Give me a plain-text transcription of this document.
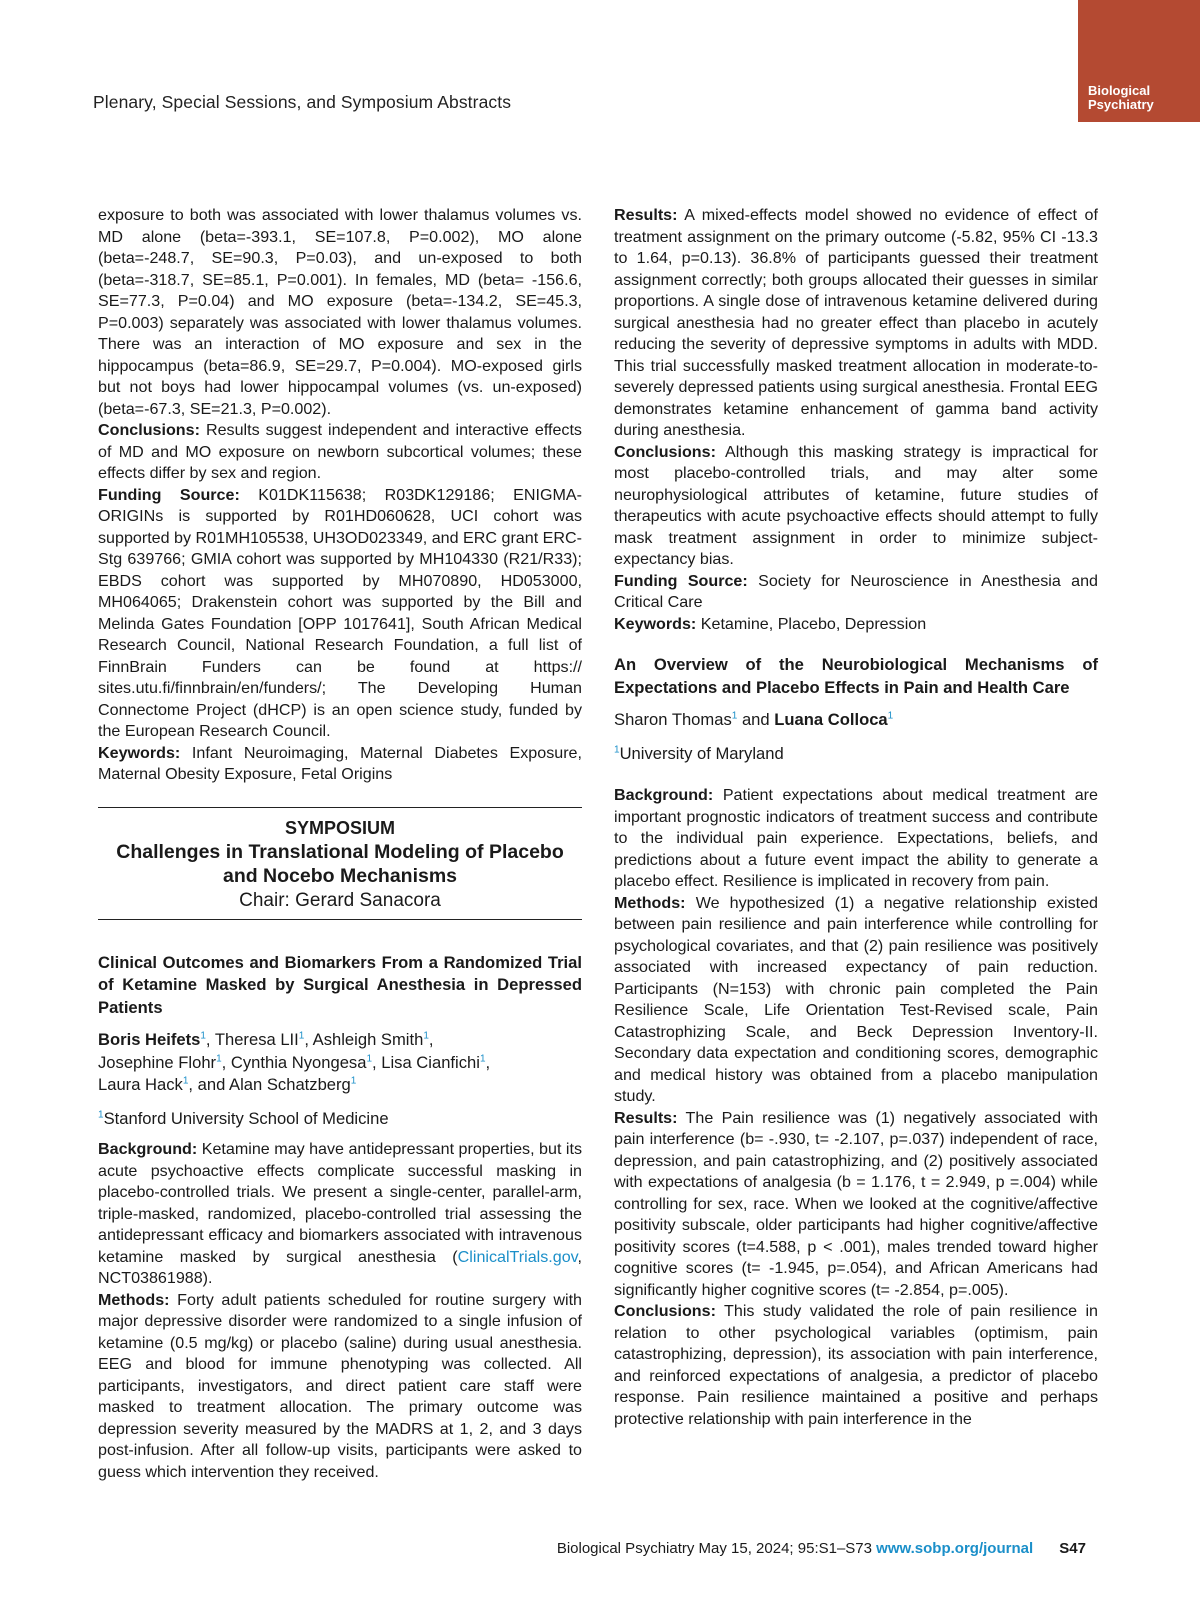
Plenary, Special Sessions, and Symposium Abstracts
Biological
Psychiatry

exposure to both was associated with lower thalamus volumes vs. MD alone (beta=-393.1, SE=107.8, P=0.002), MO alone (beta=-248.7, SE=90.3, P=0.03), and un-exposed to both (beta=-318.7, SE=85.1, P=0.001). In females, MD (beta= -156.6, SE=77.3, P=0.04) and MO exposure (beta=-134.2, SE=45.3, P=0.003) separately was associated with lower thalamus volumes. There was an interaction of MO exposure and sex in the hippocampus (beta=86.9, SE=29.7, P=0.004). MO-exposed girls but not boys had lower hippocampal volumes (vs. un-exposed) (beta=-67.3, SE=21.3, P=0.002).

Conclusions: Results suggest independent and interactive effects of MD and MO exposure on newborn subcortical volumes; these effects differ by sex and region.

Funding Source: K01DK115638; R03DK129186; ENIGMA-ORIGINs is supported by R01HD060628, UCI cohort was supported by R01MH105538, UH3OD023349, and ERC grant ERC-Stg 639766; GMIA cohort was supported by MH104330 (R21/R33); EBDS cohort was supported by MH070890, HD053000, MH064065; Drakenstein cohort was supported by the Bill and Melinda Gates Foundation [OPP 1017641], South African Medical Research Council, National Research Foundation, a full list of FinnBrain Funders can be found at https:// sites.utu.fi/finnbrain/en/funders/; The Developing Human Connectome Project (dHCP) is an open science study, funded by the European Research Council.

Keywords: Infant Neuroimaging, Maternal Diabetes Exposure, Maternal Obesity Exposure, Fetal Origins

SYMPOSIUM
Challenges in Translational Modeling of Placebo and Nocebo Mechanisms
Chair: Gerard Sanacora
Clinical Outcomes and Biomarkers From a Randomized Trial of Ketamine Masked by Surgical Anesthesia in Depressed Patients
Boris Heifets$^1$, Theresa LII$^1$, Ashleigh Smith$^1$,
Josephine Flohr$^1$, Cynthia Nyongesa$^1$, Lisa Cianfichi$^1$,
Laura Hack$^1$, and Alan Schatzberg$^1$
$^1$Stanford University School of Medicine

Background: Ketamine may have antidepressant properties, but its acute psychoactive effects complicate successful masking in placebo-controlled trials. We present a single-center, parallel-arm, triple-masked, randomized, placebo-controlled trial assessing the antidepressant efficacy and biomarkers associated with intravenous ketamine masked by surgical anesthesia (ClinicalTrials.gov, NCT03861988).

Methods: Forty adult patients scheduled for routine surgery with major depressive disorder were randomized to a single infusion of ketamine (0.5 mg/kg) or placebo (saline) during usual anesthesia. EEG and blood for immune phenotyping was collected. All participants, investigators, and direct patient care staff were masked to treatment allocation. The primary outcome was depression severity measured by the MADRS at 1, 2, and 3 days post-infusion. After all follow-up visits, participants were asked to guess which intervention they received.

Results: A mixed-effects model showed no evidence of effect of treatment assignment on the primary outcome (-5.82, 95% CI -13.3 to 1.64, p=0.13). 36.8% of participants guessed their treatment assignment correctly; both groups allocated their guesses in similar proportions. A single dose of intravenous ketamine delivered during surgical anesthesia had no greater effect than placebo in acutely reducing the severity of depressive symptoms in adults with MDD. This trial successfully masked treatment allocation in moderate-to-severely depressed patients using surgical anesthesia. Frontal EEG demonstrates ketamine enhancement of gamma band activity during anesthesia.

Conclusions: Although this masking strategy is impractical for most placebo-controlled trials, and may alter some neurophysiological attributes of ketamine, future studies of therapeutics with acute psychoactive effects should attempt to fully mask treatment assignment in order to minimize subject-expectancy bias.

Funding Source: Society for Neuroscience in Anesthesia and Critical Care

Keywords: Ketamine, Placebo, Depression

An Overview of the Neurobiological Mechanisms of Expectations and Placebo Effects in Pain and Health Care
Sharon Thomas$^1$ and Luana Colloca$^1$
$^1$University of Maryland

Background: Patient expectations about medical treatment are important prognostic indicators of treatment success and contribute to the individual pain experience. Expectations, beliefs, and predictions about a future event impact the ability to generate a placebo effect. Resilience is implicated in recovery from pain.

Methods: We hypothesized (1) a negative relationship existed between pain resilience and pain interference while controlling for psychological covariates, and that (2) pain resilience was positively associated with increased expectancy of pain reduction. Participants (N=153) with chronic pain completed the Pain Resilience Scale, Life Orientation Test-Revised scale, Pain Catastrophizing Scale, and Beck Depression Inventory-II. Secondary data expectation and conditioning scores, demographic and medical history was obtained from a placebo manipulation study.

Results: The Pain resilience was (1) negatively associated with pain interference (b= -.930, t= -2.107, p=.037) independent of race, depression, and pain catastrophizing, and (2) positively associated with expectations of analgesia (b = 1.176, t = 2.949, p =.004) while controlling for sex, race. When we looked at the cognitive/affective positivity subscale, older participants had higher cognitive/affective positivity scores (t=4.588, p < .001), males trended toward higher cognitive scores (t= -1.945, p=.054), and African Americans had significantly higher cognitive scores (t= -2.854, p=.005).

Conclusions: This study validated the role of pain resilience in relation to other psychological variables (optimism, pain catastrophizing, depression), its association with pain interference, and reinforced expectations of analgesia, a predictor of placebo response. Pain resilience maintained a positive and perhaps protective relationship with pain interference in the

Biological Psychiatry May 15, 2024; 95:S1–S73 www.sobp.org/journal S47
